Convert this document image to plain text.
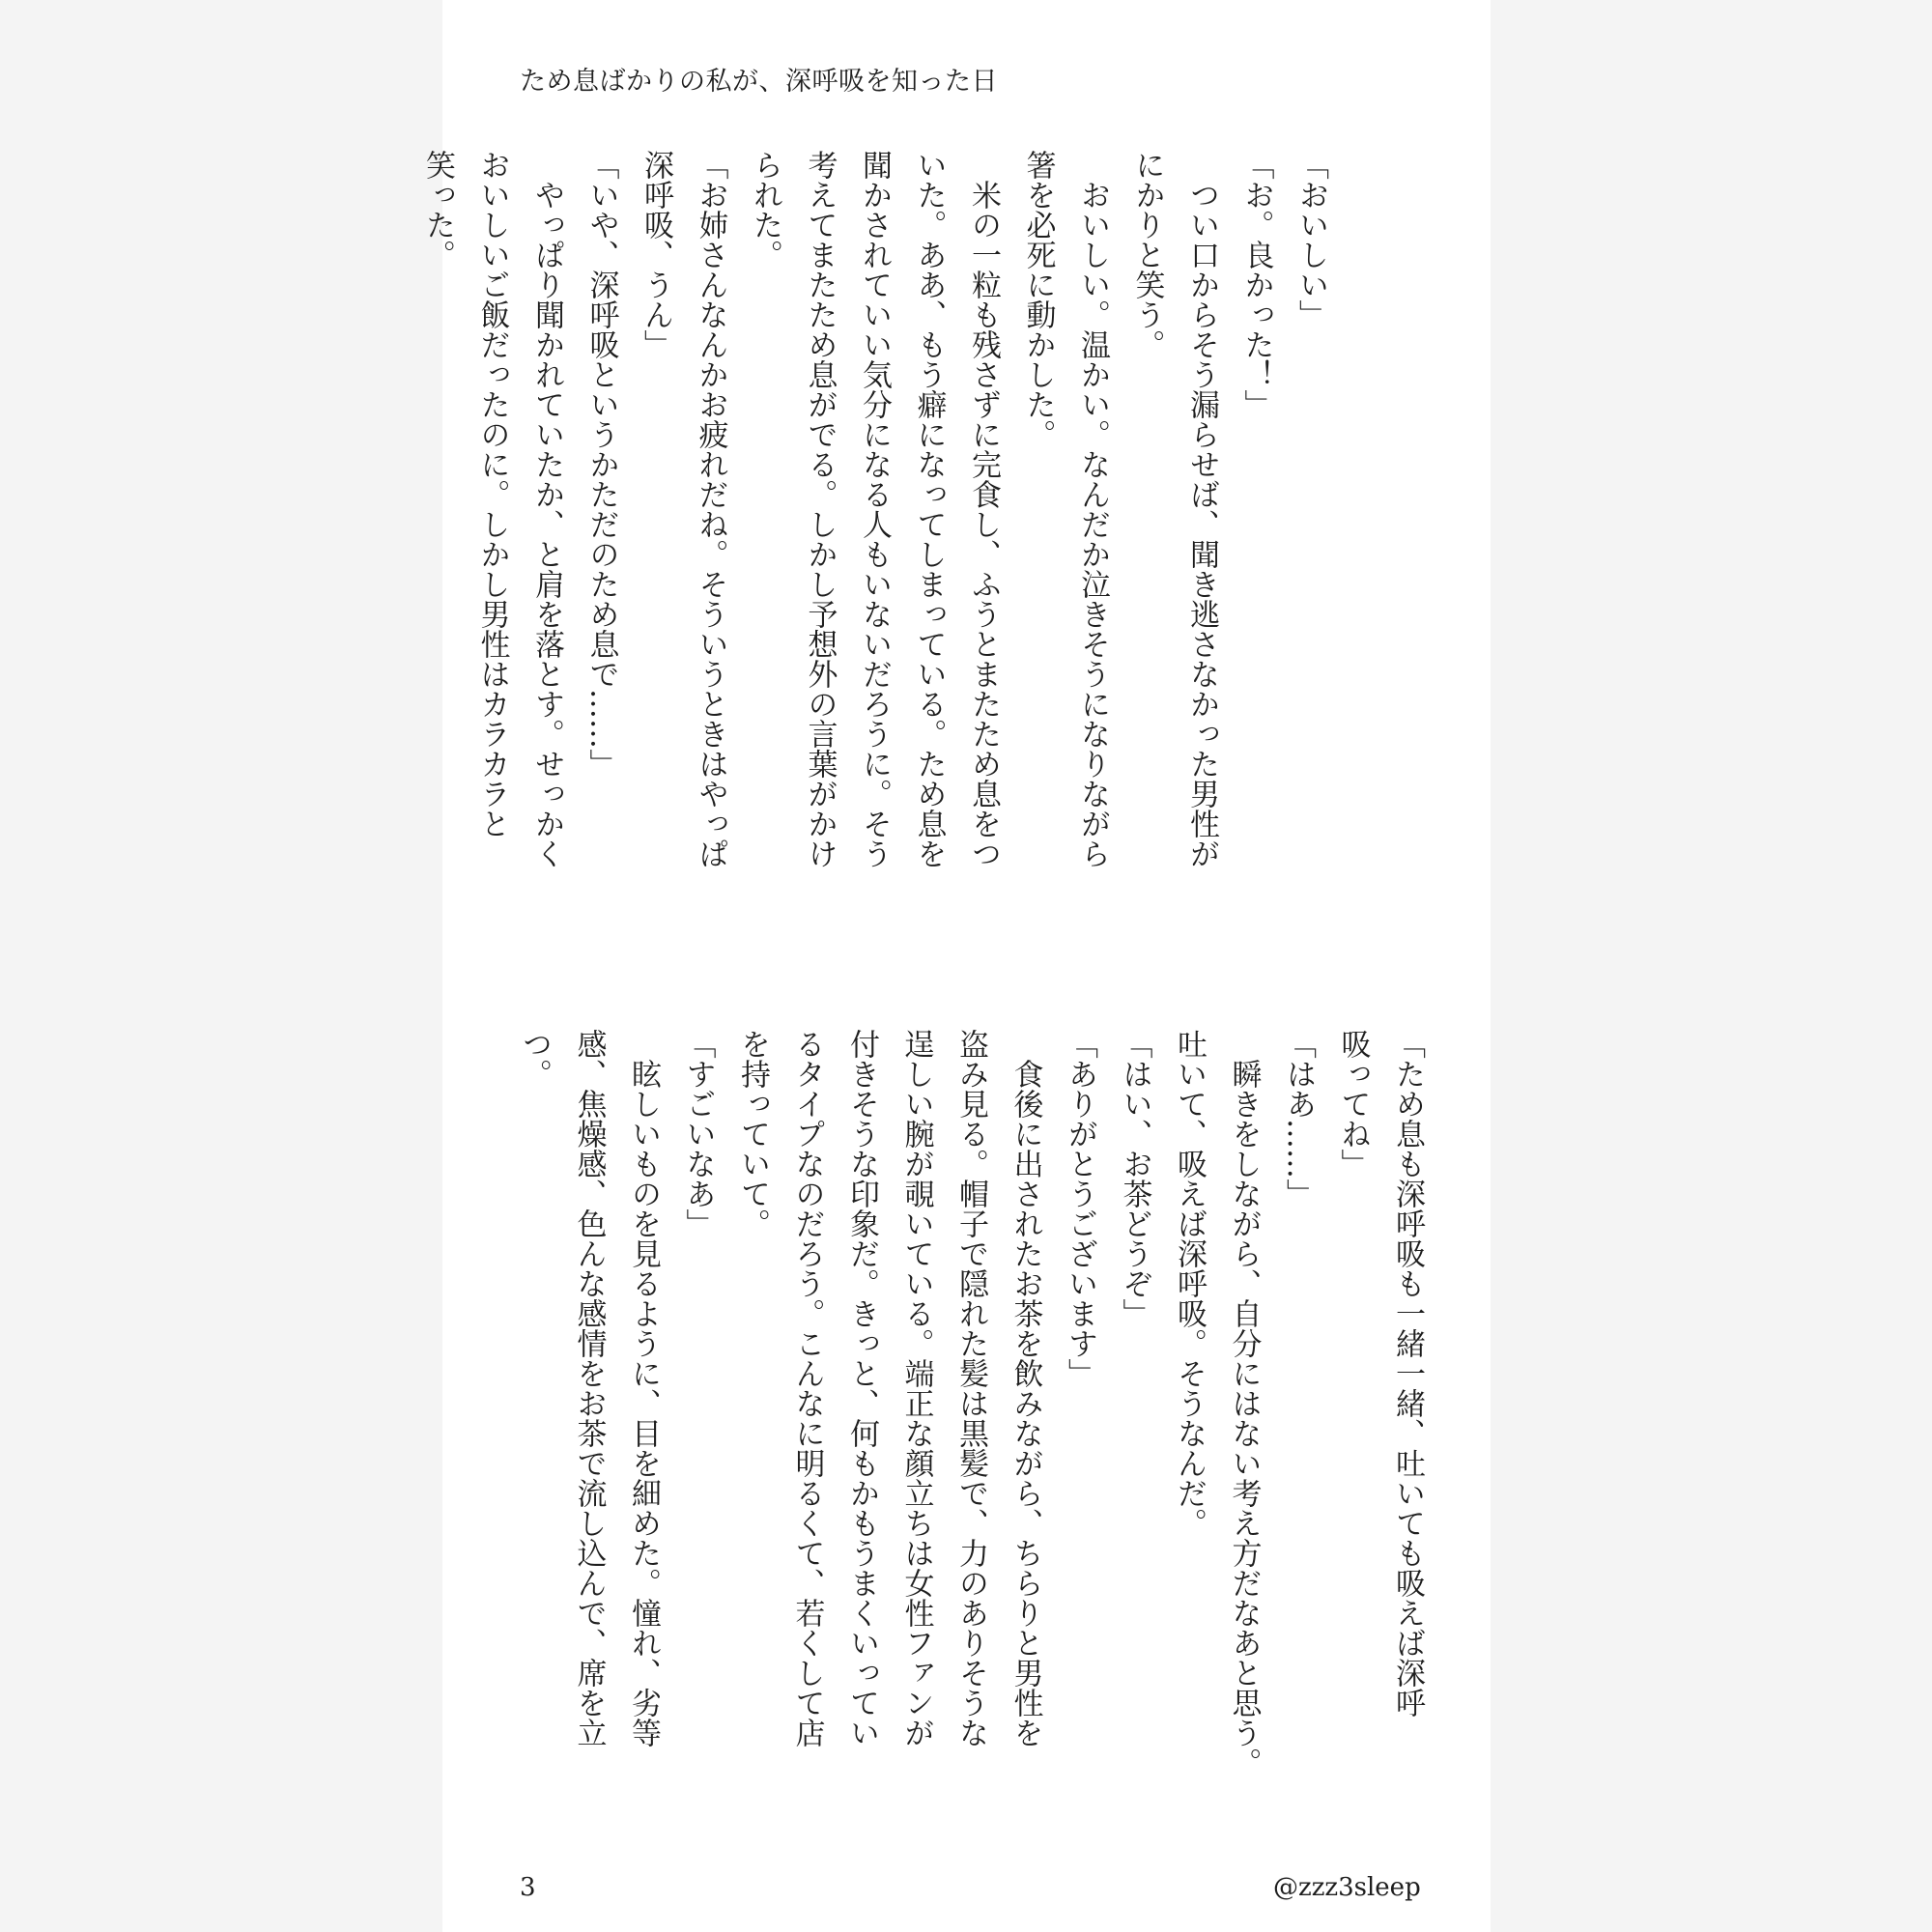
ため息ばかりの私が、深呼吸を知った日
「おいしい」
「お。良かった！」
　つい口からそう漏らせば、聞き逃さなかった男性が
にかりと笑う。
　おいしい。温かい。なんだか泣きそうになりながら
箸を必死に動かした。
　米の一粒も残さずに完食し、ふうとまたため息をつ
いた。ああ、もう癖になってしまっている。ため息を
聞かされていい気分になる人もいないだろうに。そう
考えてまたため息がでる。しかし予想外の言葉がかけ
られた。
「お姉さんなんかお疲れだね。そういうときはやっぱ
深呼吸、うん」
「いや、深呼吸というかただのため息で……」
　やっぱり聞かれていたか、と肩を落とす。せっかく
おいしいご飯だったのに。しかし男性はカラカラと
笑った。
「ため息も深呼吸も一緒一緒、吐いても吸えば深呼
吸ってね」
「はあ……」
　瞬きをしながら、自分にはない考え方だなあと思う。
吐いて、吸えば深呼吸。そうなんだ。
「はい、お茶どうぞ」
「ありがとうございます」
　食後に出されたお茶を飲みながら、ちらりと男性を
盗み見る。帽子で隠れた髪は黒髪で、力のありそうな
逞しい腕が覗いている。端正な顔立ちは女性ファンが
付きそうな印象だ。きっと、何もかもうまくいってい
るタイプなのだろう。こんなに明るくて、若くして店
を持っていて。
「すごいなあ」
　眩しいものを見るように、目を細めた。憧れ、劣等
感、焦燥感、色んな感情をお茶で流し込んで、席を立
つ。
3	@zzz3sleep
